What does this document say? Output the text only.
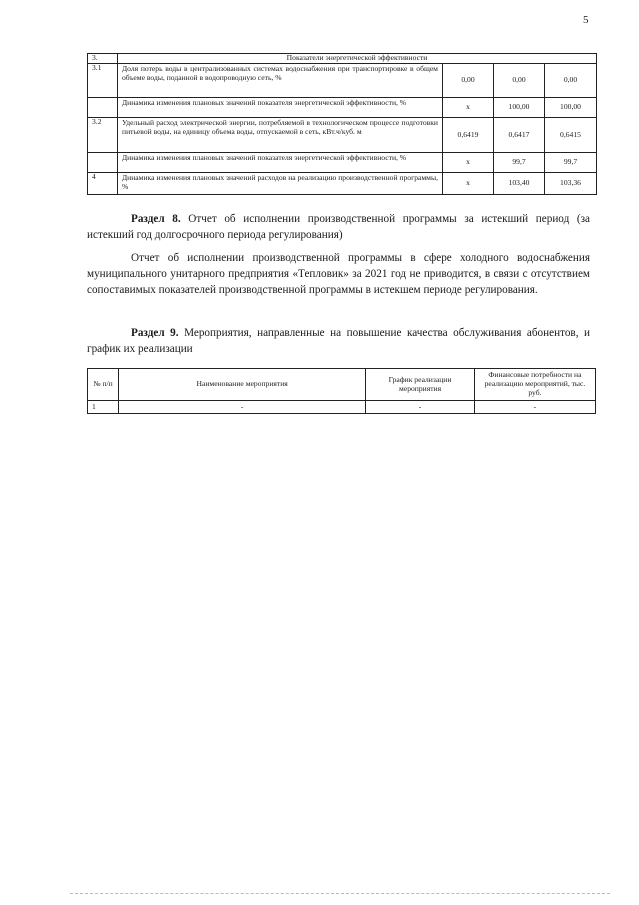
5
3.	Показатели энергетической эффективности			
3.1	Доля потерь воды в централизованных системах водоснабжения при транспортировке в общем объеме воды, поданной в водопроводную сеть, %	0,00	0,00	0,00
	Динамика изменения плановых значений показателя энергетической эффективности, %	x	100,00	100,00
3.2	Удельный расход электрической энергии, потребляемой в технологическом процессе подготовки питьевой воды, на единицу объема воды, отпускаемой в сеть, кВт.ч/куб. м	0,6419	0,6417	0,6415
	Динамика изменения плановых значений показателя энергетической эффективности, %	x	99,7	99,7
4	Динамика изменения плановых значений расходов на реализацию производственной программы, %	x	103,40	103,36

Раздел 8. Отчет об исполнении производственной программы за истекший период (за истекший год долгосрочного периода регулирования)

Отчет об исполнении производственной программы в сфере холодного водоснабжения муниципального унитарного предприятия «Тепловик» за 2021 год не приводится, в связи с отсутствием сопоставимых показателей производственной программы в истекшем периоде регулирования.

Раздел 9. Мероприятия, направленные на повышение качества обслуживания абонентов, и график их реализации

№ п/п	Наименование мероприятия	График реализации мероприятия	Финансовые потребности на реализацию мероприятий, тыс. руб.
1	-	-	-
